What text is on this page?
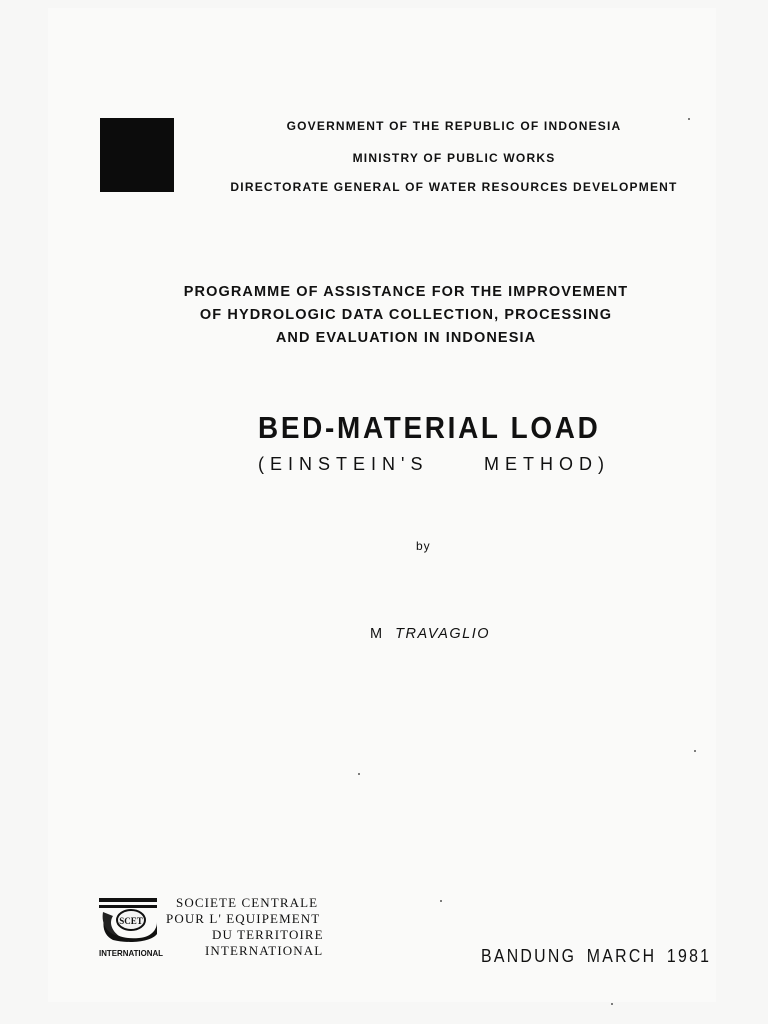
GOVERNMENT OF THE REPUBLIC OF INDONESIA
MINISTRY OF PUBLIC WORKS
DIRECTORATE GENERAL OF WATER RESOURCES DEVELOPMENT
PROGRAMME OF ASSISTANCE FOR THE IMPROVEMENT
OF HYDROLOGIC DATA COLLECTION, PROCESSING
AND EVALUATION IN INDONESIA
BED-MATERIAL LOAD
(EINSTEIN'S	METHOD)
by
M TRAVAGLIO
SCET
INTERNATIONAL
SOCIETE CENTRALE
POUR L' EQUIPEMENT
DU TERRITOIRE
INTERNATIONAL	BANDUNG MARCH 1981
